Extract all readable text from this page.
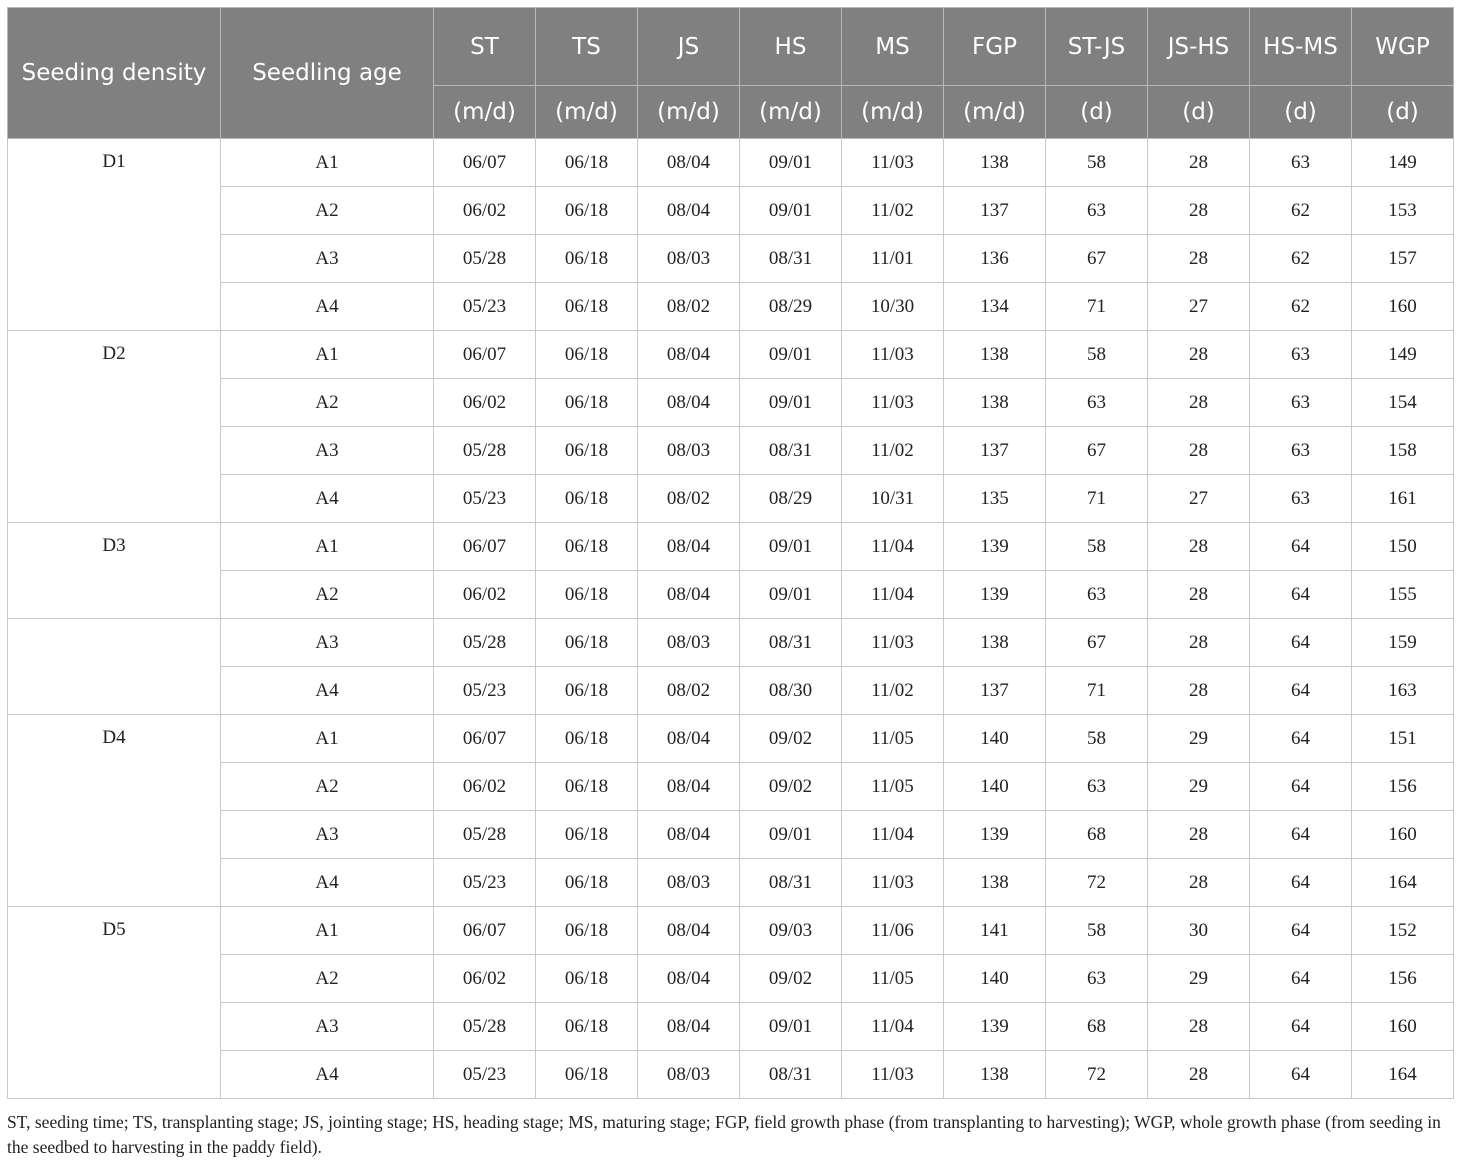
Seeding density	Seedling age	ST	TS	JS	HS	MS	FGP	ST-JS	JS-HS	HS-MS	WGP
		(m/d)	(m/d)	(m/d)	(m/d)	(m/d)	(m/d)	(d)	(d)	(d)	(d)
D1	A1	06/07	06/18	08/04	09/01	11/03	138	58	28	63	149
	A2	06/02	06/18	08/04	09/01	11/02	137	63	28	62	153
	A3	05/28	06/18	08/03	08/31	11/01	136	67	28	62	157
	A4	05/23	06/18	08/02	08/29	10/30	134	71	27	62	160
D2	A1	06/07	06/18	08/04	09/01	11/03	138	58	28	63	149
	A2	06/02	06/18	08/04	09/01	11/03	138	63	28	63	154
	A3	05/28	06/18	08/03	08/31	11/02	137	67	28	63	158
	A4	05/23	06/18	08/02	08/29	10/31	135	71	27	63	161
D3	A1	06/07	06/18	08/04	09/01	11/04	139	58	28	64	150
	A2	06/02	06/18	08/04	09/01	11/04	139	63	28	64	155
	A3	05/28	06/18	08/03	08/31	11/03	138	67	28	64	159
	A4	05/23	06/18	08/02	08/30	11/02	137	71	28	64	163
D4	A1	06/07	06/18	08/04	09/02	11/05	140	58	29	64	151
	A2	06/02	06/18	08/04	09/02	11/05	140	63	29	64	156
	A3	05/28	06/18	08/04	09/01	11/04	139	68	28	64	160
	A4	05/23	06/18	08/03	08/31	11/03	138	72	28	64	164
D5	A1	06/07	06/18	08/04	09/03	11/06	141	58	30	64	152
	A2	06/02	06/18	08/04	09/02	11/05	140	63	29	64	156
	A3	05/28	06/18	08/04	09/01	11/04	139	68	28	64	160
	A4	05/23	06/18	08/03	08/31	11/03	138	72	28	64	164

ST, seeding time; TS, transplanting stage; JS, jointing stage; HS, heading stage; MS, maturing stage; FGP, field growth phase (from transplanting to harvesting); WGP, whole growth phase (from seeding in the seedbed to harvesting in the paddy field).
